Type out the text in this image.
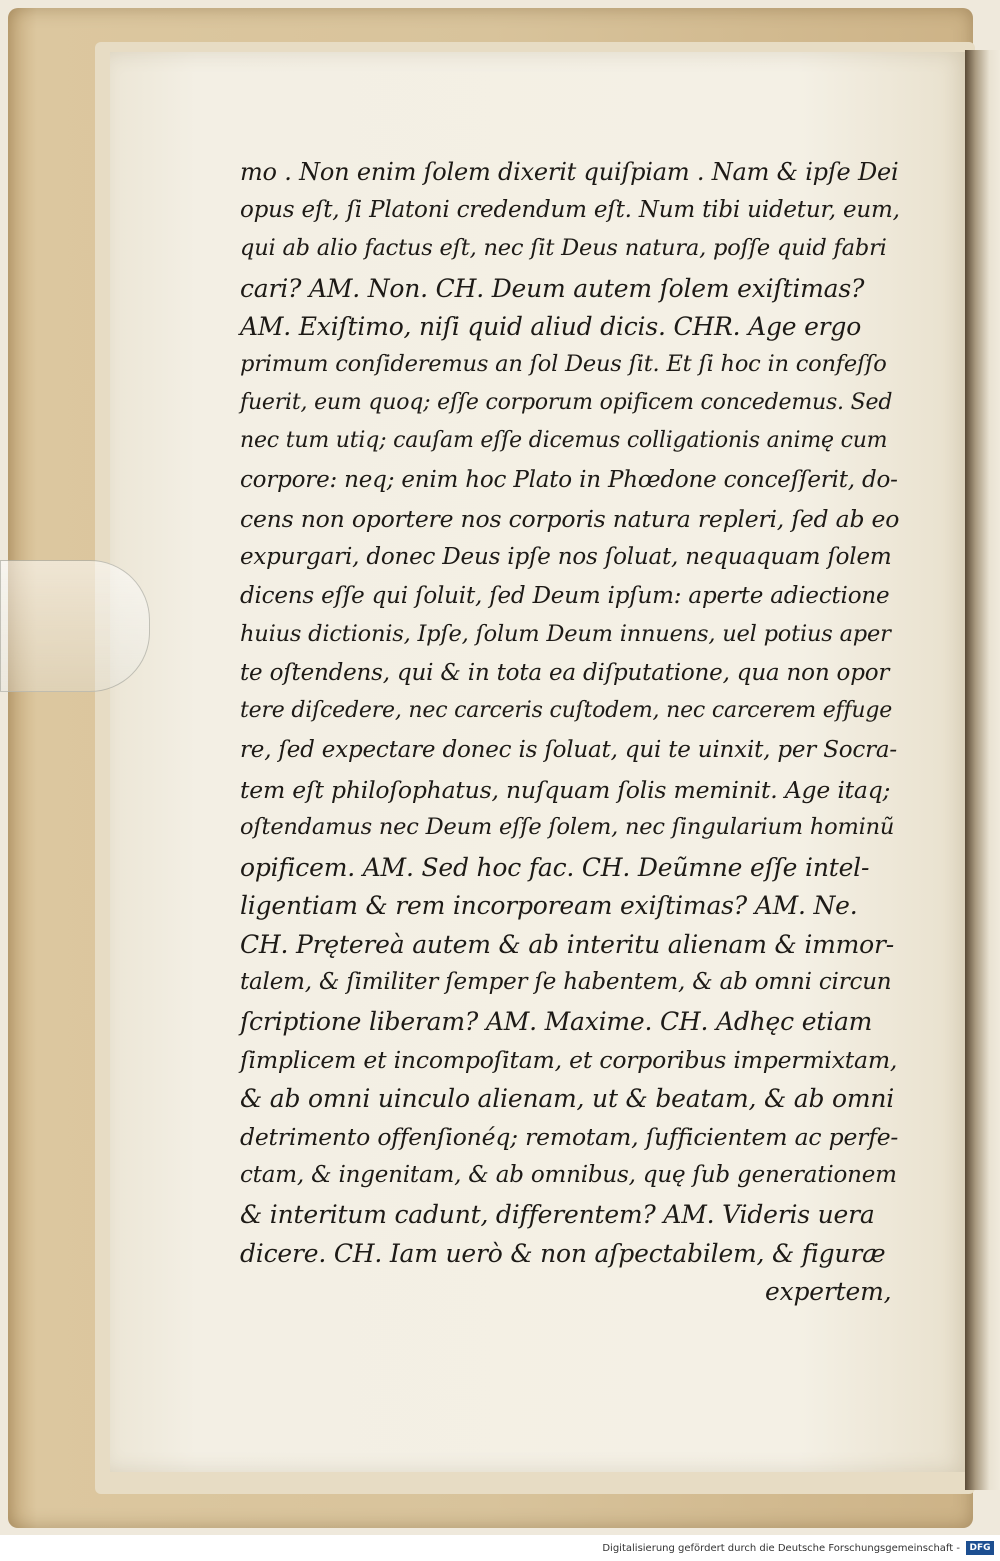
mo . Non enim ſolem dixerit quiſpiam . Nam & ipſe Dei
opus eſt, ſi Platoni credendum eſt. Num tibi uidetur, eum,
qui ab alio factus eſt, nec ſit Deus natura, poſſe quid fabri
cari? AM. Non. CH. Deum autem ſolem exiſtimas?
AM. Exiſtimo, niſi quid aliud dicis. CHR. Age ergo
primum conſideremus an ſol Deus ſit. Et ſi hoc in confeſſo
fuerit, eum quoq; eſſe corporum opificem concedemus. Sed
nec tum utiq; cauſam eſſe dicemus colligationis animę cum
corpore: neq; enim hoc Plato in Phœdone conceſſerit, do-
cens non oportere nos corporis natura repleri, ſed ab eo
expurgari, donec Deus ipſe nos ſoluat, nequaquam ſolem
dicens eſſe qui ſoluit, ſed Deum ipſum: aperte adiectione
huius dictionis, Ipſe, ſolum Deum innuens, uel potius aper
te oſtendens, qui & in tota ea diſputatione, qua non opor
tere diſcedere, nec carceris cuſtodem, nec carcerem effuge
re, ſed expectare donec is ſoluat, qui te uinxit, per Socra-
tem eſt philoſophatus, nuſquam ſolis meminit. Age itaq;
oſtendamus nec Deum eſſe ſolem, nec ſingularium hominũ
opificem. AM. Sed hoc fac. CH. Deũmne eſſe intel-
ligentiam & rem incorpoream exiſtimas? AM. Ne.
CH. Prętereà autem & ab interitu alienam & immor-
talem, & ſimiliter ſemper ſe habentem, & ab omni circun
ſcriptione liberam? AM. Maxime. CH. Adhęc etiam
ſimplicem et incompoſitam, et corporibus impermixtam,
& ab omni uinculo alienam, ut & beatam, & ab omni
detrimento offenſionéq; remotam, ſufficientem ac perfe-
ctam, & ingenitam, & ab omnibus, quę ſub generationem
& interitum cadunt, differentem? AM. Videris uera
dicere. CH. Iam uerò & non aſpectabilem, & figuræ
expertem,
Digitalisierung gefördert durch die Deutsche Forschungsgemeinschaft -	DFG
